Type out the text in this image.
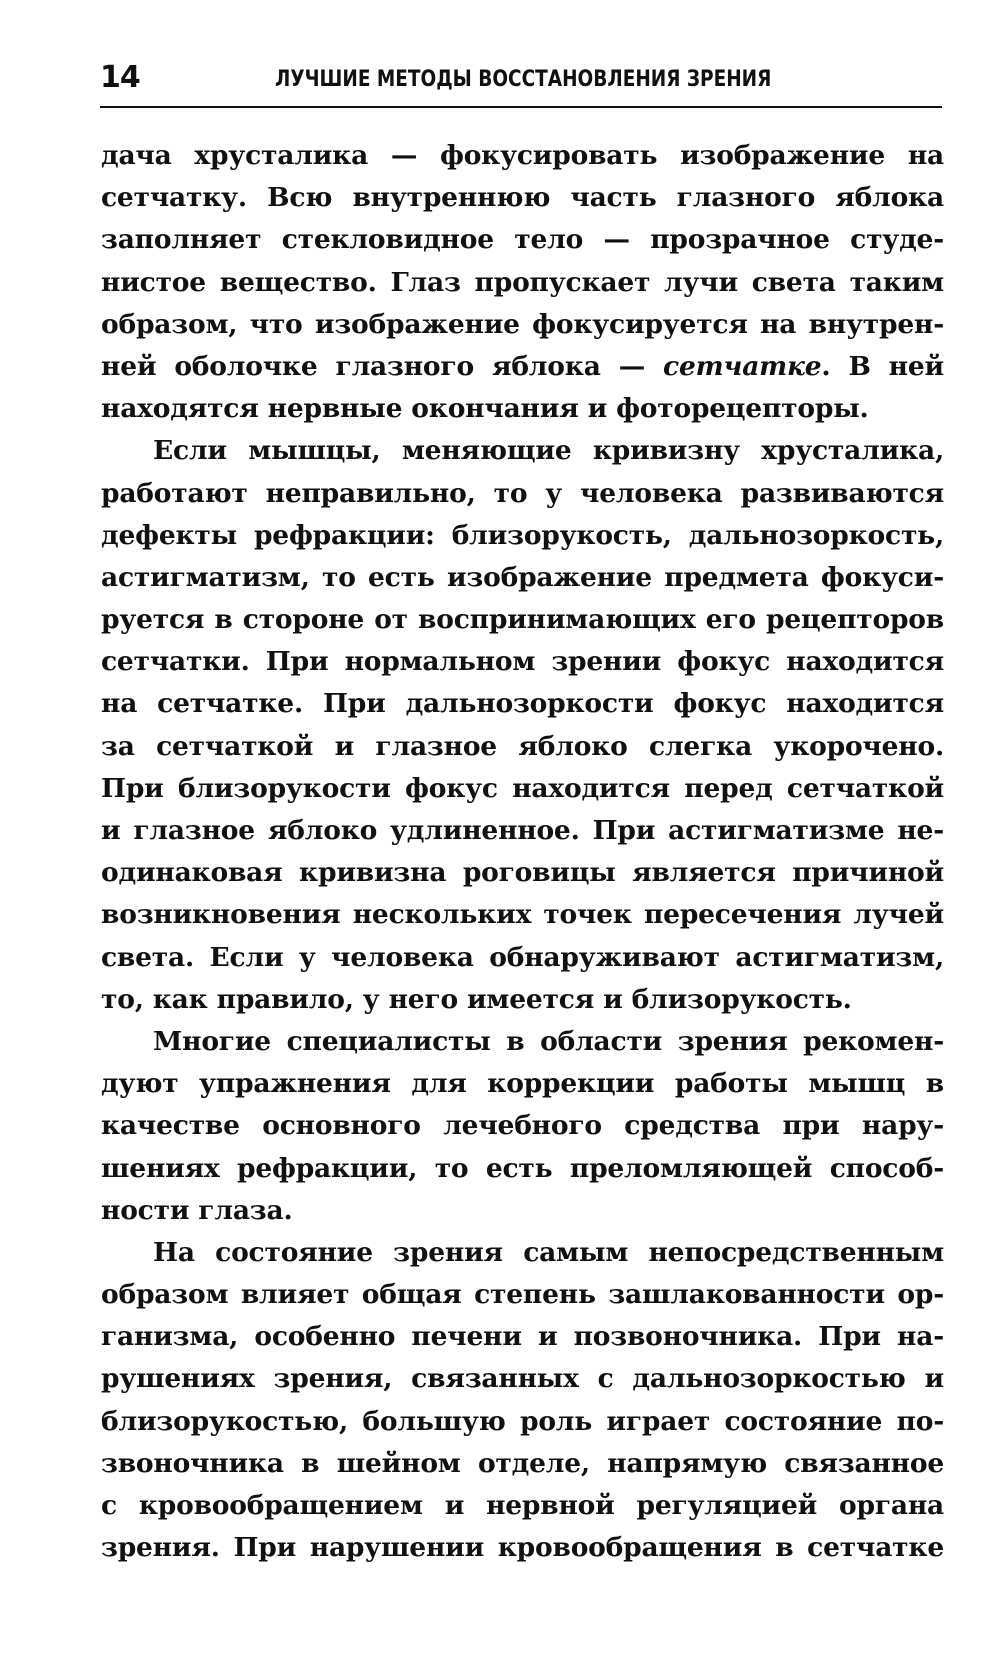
14	ЛУЧШИЕ МЕТОДЫ ВОССТАНОВЛЕНИЯ ЗРЕНИЯ
дача хрусталика — фокусировать изображение на
сетчатку. Всю внутреннюю часть глазного яблока
заполняет стекловидное тело — прозрачное студе-
нистое вещество. Глаз пропускает лучи света таким
образом, что изображение фокусируется на внутрен-
ней оболочке глазного яблока — сетчатке. В ней
находятся нервные окончания и фоторецепторы.
Если мышцы, меняющие кривизну хрусталика,
работают неправильно, то у человека развиваются
дефекты рефракции: близорукость, дальнозоркость,
астигматизм, то есть изображение предмета фокуси-
руется в стороне от воспринимающих его рецепторов
сетчатки. При нормальном зрении фокус находится
на сетчатке. При дальнозоркости фокус находится
за сетчаткой и глазное яблоко слегка укорочено.
При близорукости фокус находится перед сетчаткой
и глазное яблоко удлиненное. При астигматизме не-
одинаковая кривизна роговицы является причиной
возникновения нескольких точек пересечения лучей
света. Если у человека обнаруживают астигматизм,
то, как правило, у него имеется и близорукость.
Многие специалисты в области зрения рекомен-
дуют упражнения для коррекции работы мышц в
качестве основного лечебного средства при нару-
шениях рефракции, то есть преломляющей способ-
ности глаза.
На состояние зрения самым непосредственным
образом влияет общая степень зашлакованности ор-
ганизма, особенно печени и позвоночника. При на-
рушениях зрения, связанных с дальнозоркостью и
близорукостью, большую роль играет состояние по-
звоночника в шейном отделе, напрямую связанное
с кровообращением и нервной регуляцией органа
зрения. При нарушении кровообращения в сетчатке
